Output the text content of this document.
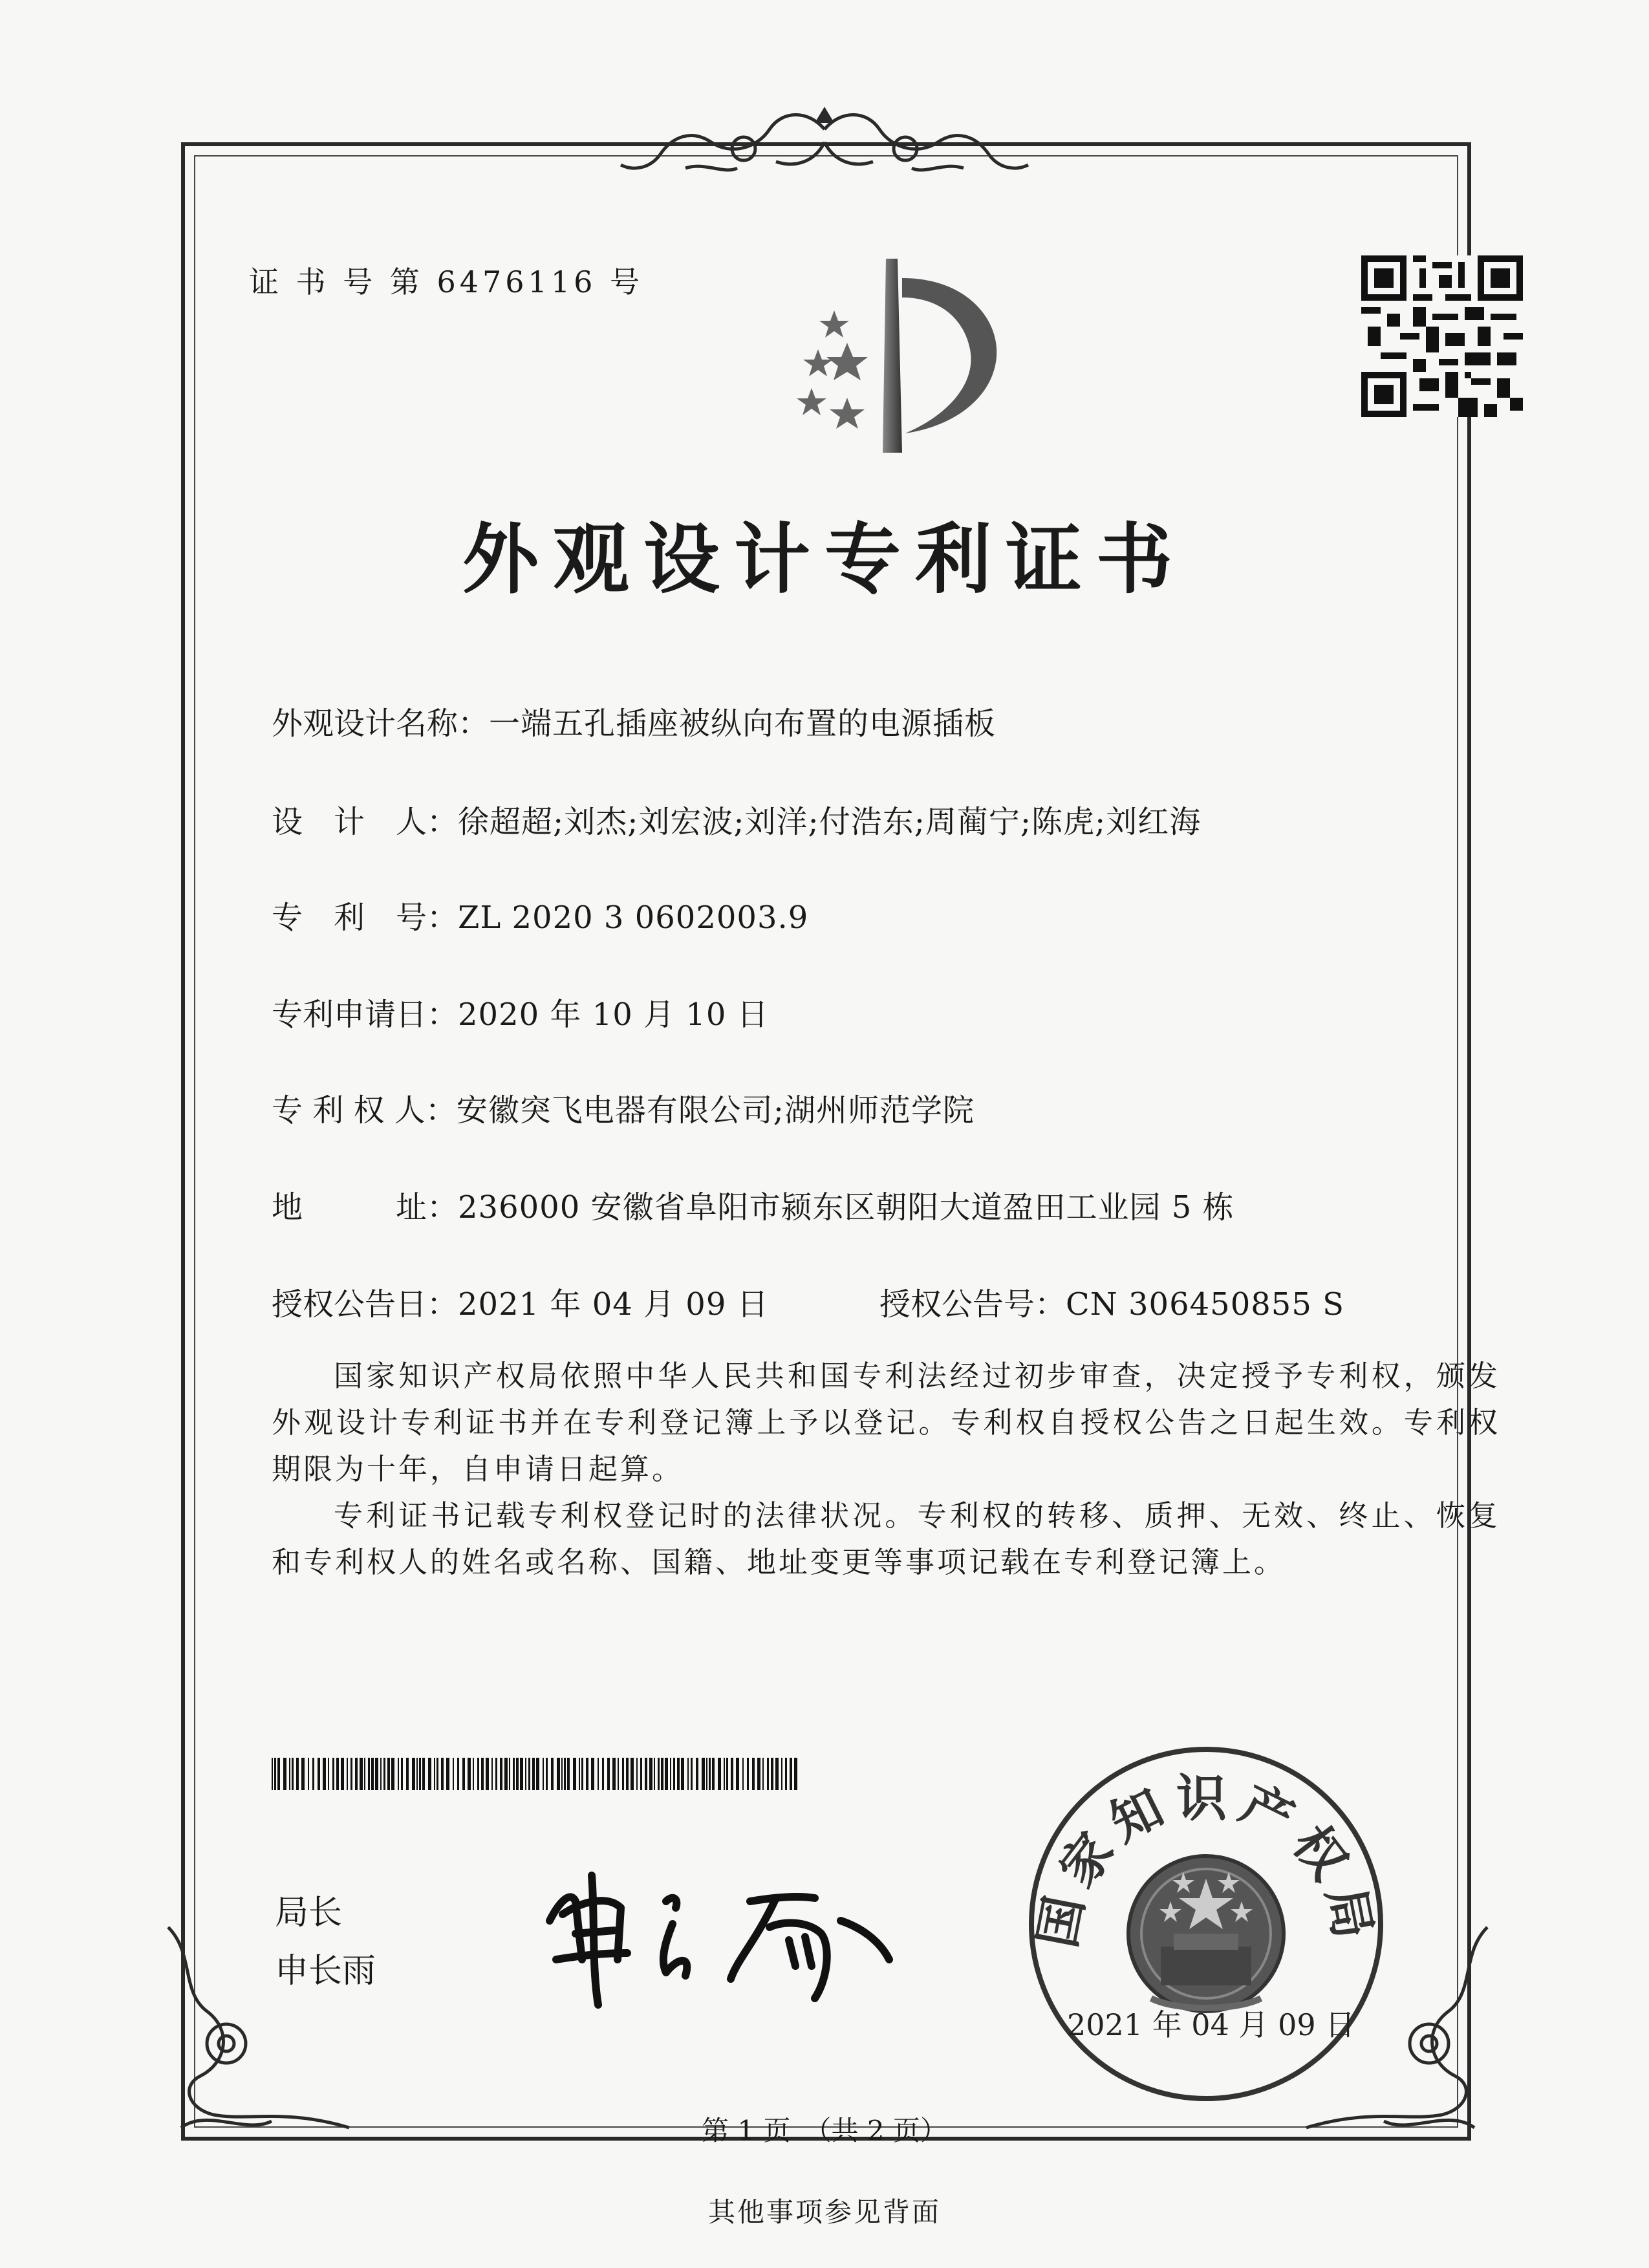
证 书 号 第 6476116 号
外观设计专利证书
外观设计名称：一端五孔插座被纵向布置的电源插板
设　计　人：徐超超;刘杰;刘宏波;刘洋;付浩东;周蔺宁;陈虎;刘红海
专　利　号：ZL 2020 3 0602003.9
专利申请日：2020 年 10 月 10 日
专 利 权 人：安徽突飞电器有限公司;湖州师范学院
地　　　址：236000 安徽省阜阳市颍东区朝阳大道盈田工业园 5 栋
授权公告日：2021 年 04 月 09 日	授权公告号：CN 306450855 S
国家知识产权局依照中华人民共和国专利法经过初步审查，决定授予专利权，颁发外观设计专利证书并在专利登记簿上予以登记。专利权自授权公告之日起生效。专利权期限为十年，自申请日起算。
专利证书记载专利权登记时的法律状况。专利权的转移、质押、无效、终止、恢复和专利权人的姓名或名称、国籍、地址变更等事项记载在专利登记簿上。
局长
申长雨
国家知识产权局
2021 年 04 月 09 日
第 1 页　（共 2 页）
其他事项参见背面
